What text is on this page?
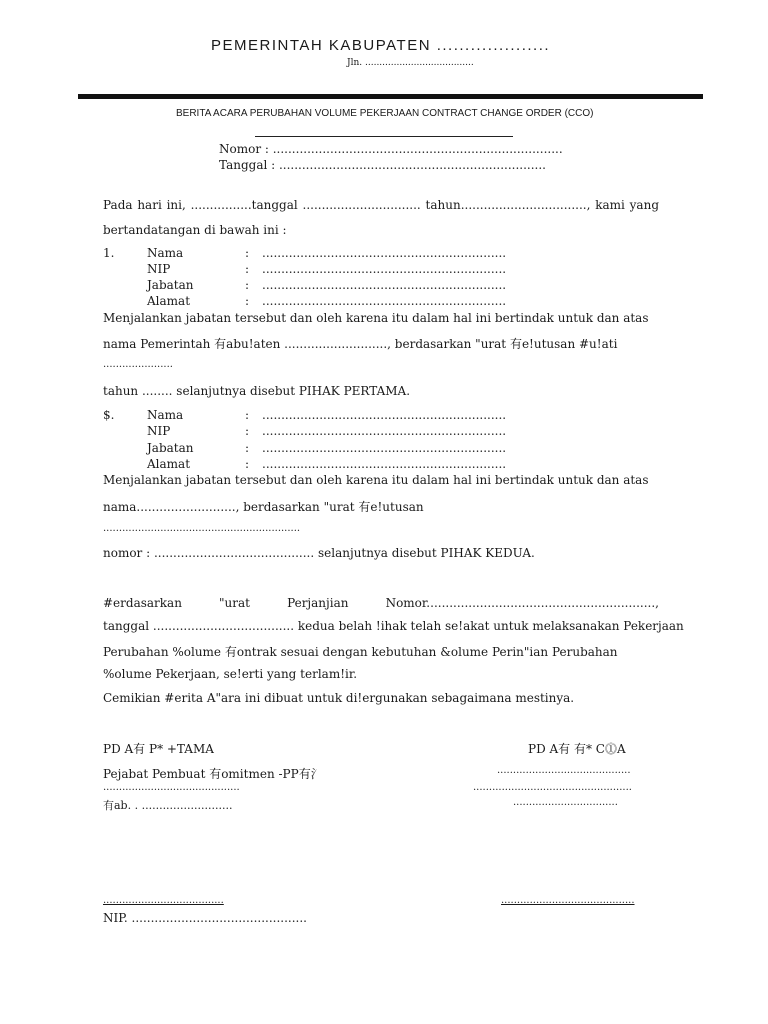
PEMERINTAH KABUPATEN ....................
Jln. ......................................
BERITA ACARA PERUBAHAN VOLUME PEKERJAAN CONTRACT CHANGE ORDER (CCO)
Nomor : ............................................................................
Tanggal : ......................................................................
Pada hari ini, ................tanggal ............................... tahun................................., kami yang
bertandatangan di bawah ini :
1.	Nama	: ................................................................
NIP	: ................................................................
Jabatan	: ................................................................
Alamat	: ................................................................
Menjalankan jabatan tersebut dan oleh karena itu dalam hal ini bertindak untuk dan atas
nama Pemerintah 有abu!aten ..........................., berdasarkan "urat 有e!utusan #u!ati
......................
tahun ........ selanjutnya disebut PIHAK PERTAMA.
$.	Nama	: ................................................................
NIP	: ................................................................
Jabatan	: ................................................................
Alamat	: ................................................................
Menjalankan jabatan tersebut dan oleh karena itu dalam hal ini bertindak untuk dan atas
nama.........................., berdasarkan "urat 有e!utusan
..............................................................
nomor : .......................................... selanjutnya disebut PIHAK KEDUA.
#erdasarkan	"urat	Perjanjian	Nomor............................................................,
tanggal ..................................... kedua belah !ihak telah se!akat untuk melaksanakan Pekerjaan
Perubahan %olume 有ontrak sesuai dengan kebutuhan &olume Perin"ian Perubahan
%olume Pekerjaan, se!erti yang terlam!ir.
Cemikian #erita A"ara ini dibuat untuk di!ergunakan sebagaimana mestinya.
PD A有 P* +TAMA	PD A有 有* C⓵A
Pejabat Pembuat 有omitmen -PP有氵	..........................................
...........................................	..................................................
有ab. . ..........................	.................................
......................................	..........................................
NIP. ..............................................
